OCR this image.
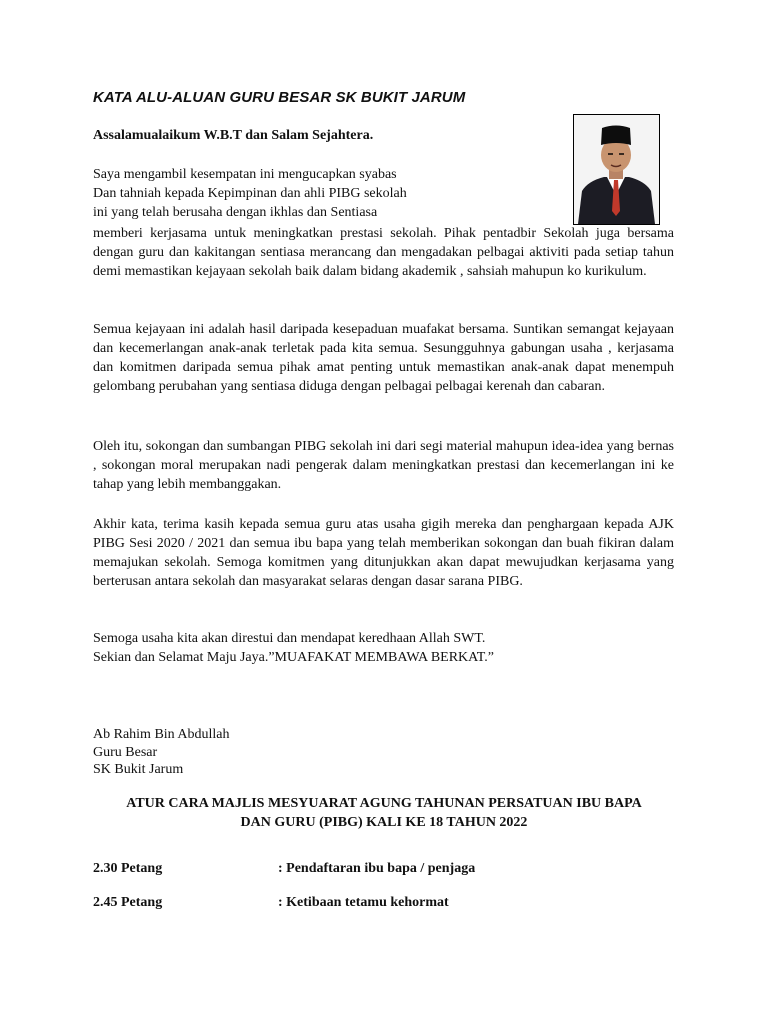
KATA ALU-ALUAN GURU BESAR SK BUKIT JARUM
Assalamualaikum W.B.T dan Salam Sejahtera.
Saya mengambil kesempatan ini mengucapkan syabas
Dan tahniah kepada Kepimpinan dan ahli PIBG sekolah
ini yang telah berusaha dengan ikhlas dan Sentiasa

memberi kerjasama untuk meningkatkan prestasi sekolah. Pihak pentadbir Sekolah juga bersama dengan guru dan kakitangan sentiasa merancang dan mengadakan pelbagai aktiviti pada setiap tahun demi memastikan kejayaan sekolah baik dalam bidang akademik , sahsiah mahupun ko kurikulum.

Semua kejayaan ini adalah hasil daripada kesepaduan muafakat bersama. Suntikan semangat kejayaan dan kecemerlangan anak-anak terletak pada kita semua. Sesungguhnya gabungan usaha , kerjasama dan komitmen daripada semua pihak amat penting untuk memastikan anak-anak dapat menempuh gelombang perubahan yang sentiasa diduga dengan pelbagai pelbagai kerenah dan cabaran.

Oleh itu, sokongan dan sumbangan PIBG sekolah ini dari segi material mahupun idea-idea yang bernas , sokongan moral merupakan nadi pengerak dalam meningkatkan prestasi dan kecemerlangan ini ke tahap yang lebih membanggakan.

Akhir kata, terima kasih kepada semua guru atas usaha gigih mereka dan penghargaan kepada AJK PIBG Sesi 2020 / 2021 dan semua ibu bapa yang telah memberikan sokongan dan buah fikiran dalam memajukan sekolah. Semoga komitmen yang ditunjukkan akan dapat mewujudkan kerjasama yang berterusan antara sekolah dan masyarakat selaras dengan dasar sarana PIBG.

Semoga usaha kita akan direstui dan mendapat keredhaan Allah SWT.
Sekian dan Selamat Maju Jaya.”MUAFAKAT MEMBAWA BERKAT.”
Ab Rahim Bin Abdullah
Guru Besar
SK Bukit Jarum
ATUR CARA MAJLIS MESYUARAT AGUNG TAHUNAN PERSATUAN IBU BAPA
DAN GURU (PIBG) KALI KE 18 TAHUN 2022
2.30 Petang	: Pendaftaran ibu bapa / penjaga
2.45 Petang	: Ketibaan tetamu kehormat
